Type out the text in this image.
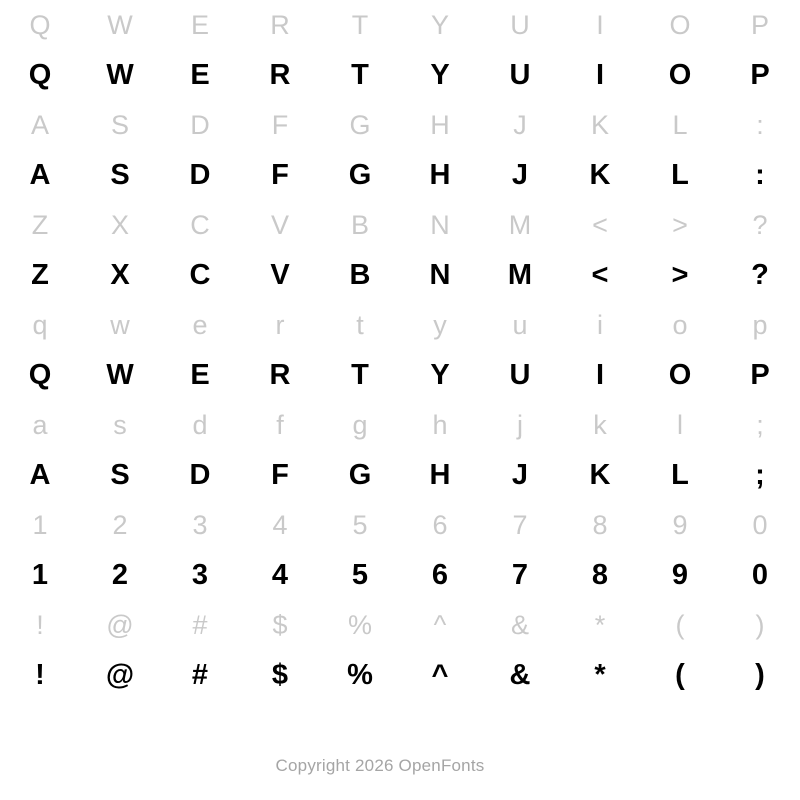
Q	W	E	R	T	Y	U	I	O	P
Q	W	E	R	T	Y	U	I	O	P
A	S	D	F	G	H	J	K	L	:
A	S	D	F	G	H	J	K	L	:
Z	X	C	V	B	N	M	<	>	?
Z	X	C	V	B	N	M	<	>	?
q	w	e	r	t	y	u	i	o	p
Q	W	E	R	T	Y	U	I	O	P
a	s	d	f	g	h	j	k	l	;
A	S	D	F	G	H	J	K	L	;
1	2	3	4	5	6	7	8	9	0
1	2	3	4	5	6	7	8	9	0
!	@	#	$	%	^	&	*	(	)
!	@	#	$	%	^	&	*	(	)
Copyright 2026 OpenFonts
